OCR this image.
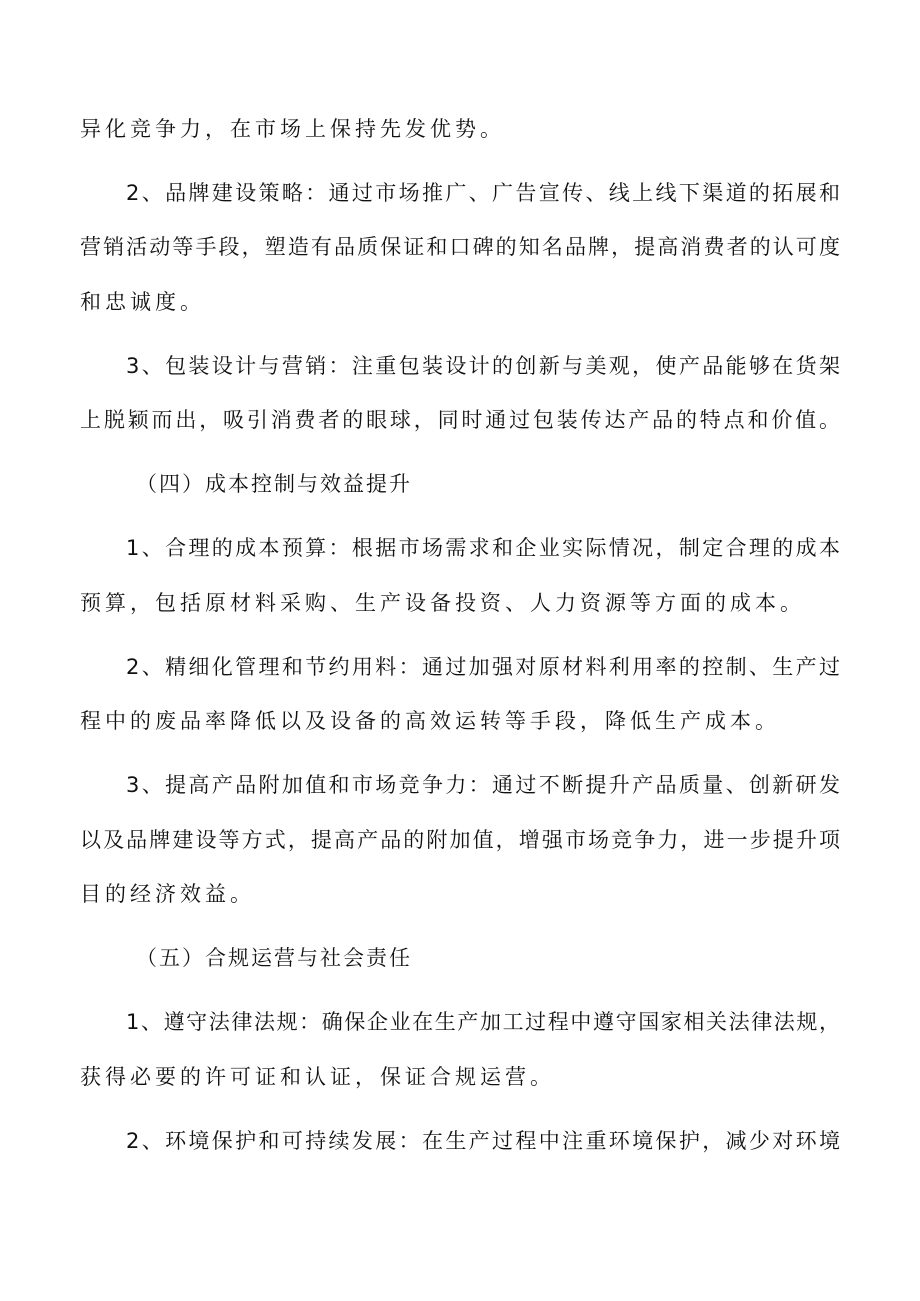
异化竞争力，在市场上保持先发优势。
2、品牌建设策略：通过市场推广、广告宣传、线上线下渠道的拓展和
营销活动等手段，塑造有品质保证和口碑的知名品牌，提高消费者的认可度
和忠诚度。
3、包装设计与营销：注重包装设计的创新与美观，使产品能够在货架
上脱颖而出，吸引消费者的眼球，同时通过包装传达产品的特点和价值。
（四）成本控制与效益提升
1、合理的成本预算：根据市场需求和企业实际情况，制定合理的成本
预算，包括原材料采购、生产设备投资、人力资源等方面的成本。
2、精细化管理和节约用料：通过加强对原材料利用率的控制、生产过
程中的废品率降低以及设备的高效运转等手段，降低生产成本。
3、提高产品附加值和市场竞争力：通过不断提升产品质量、创新研发
以及品牌建设等方式，提高产品的附加值，增强市场竞争力，进一步提升项
目的经济效益。
（五）合规运营与社会责任
1、遵守法律法规：确保企业在生产加工过程中遵守国家相关法律法规，
获得必要的许可证和认证，保证合规运营。
2、环境保护和可持续发展：在生产过程中注重环境保护，减少对环境
